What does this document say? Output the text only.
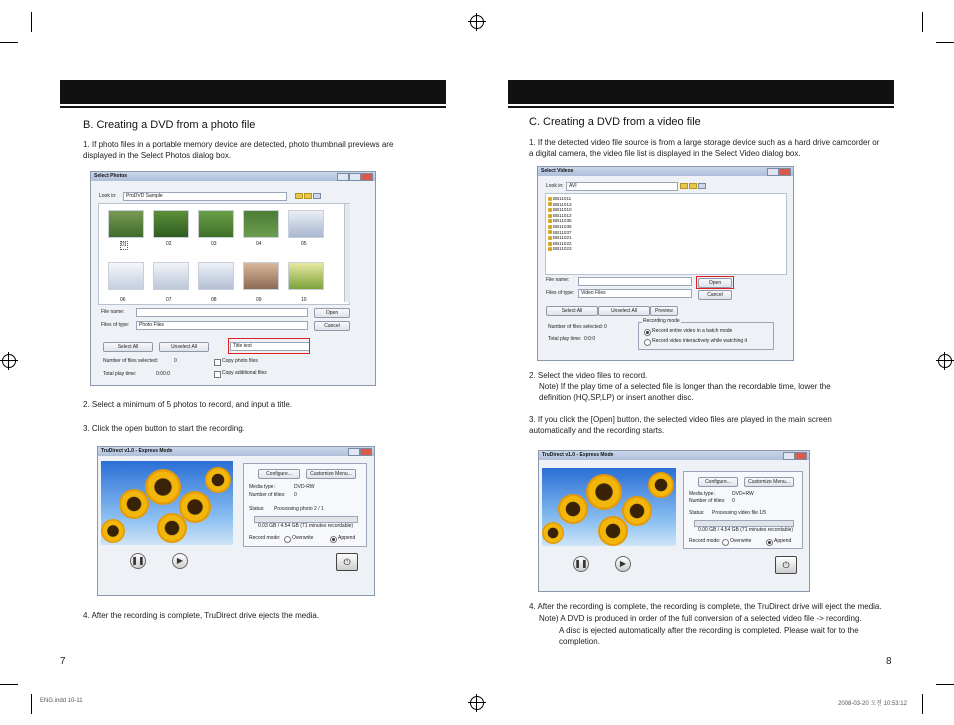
B. Creating a DVD from a photo file
1. If photo files in a portable memory device are detected, photo thumbnail previews are displayed in the Select Photos dialog box.
Select Photos
Look in:	ProDVD Sample
01	02	03	04	05
06	07	08	09	10
File name:
Files of type:	Photo Files
Open
Cancel
Select All	Unselect All	Title text
Number of files selected:	0
Total play time:	0:00:0
Copy photo files
Copy additional files
2. Select a minimum of 5 photos to record, and input a title.
3. Click the open button to start the recording.
TruDirect v1.0 - Express Mode
Configure...	Customize Menu...
Media type:	DVD-RW
Number of titles: 0
Status: Processing photo 2 / 1
0.03 GB / 4.54 GB (71 minutes recordable)
Record mode: Overwrite	Append
❚❚	▶	⏻
4. After the recording is complete, TruDirect drive ejects the media.
7
C. Creating a DVD from a video file
1. If the detected video file source is from a large storage device such as a hard drive camcorder or a digital camera, the video file list is displayed in the Select Video dialog box.
Select Videos
Look in:	AVI
BB11011
BB11013
BB11010
BB11012
BB11035
BB11036
BB11037
BB11021
BB11022
BB11023
File name:
Files of type:	Video Files
Open
Cancel
Select All	Unselect All	Preview
Number of files selected: 0
Total play time: 0:0:0
Recording mode
Record entire video in a batch mode
Record video interactively while watching it
2. Select the video files to record.
Note) If the play time of a selected file is longer than the recordable time, lower the definition (HQ,SP,LP) or insert another disc.
3. If you click the [Open] button, the selected video files are played in the main screen automatically and the recording starts.
TruDirect v1.0 - Express Mode
Configure...	Customize Menu...
Media type:	DVD+RW
Number of titles: 0
Status: Processing video file 1/5
0.00 GB / 4.54 GB (71 minutes recordable)
Record mode: Overwrite	Append
❚❚	▶	⏻
4. After the recording is complete, the recording is complete, the TruDirect drive will eject the media.
Note) A DVD is produced in order of the full conversion of a selected video file -> recording.
A disc is ejected automatically after the recording is completed. Please wait for to the completion.
8
ENG.indd 10-11	2008-03-20 오전 10:53:12
